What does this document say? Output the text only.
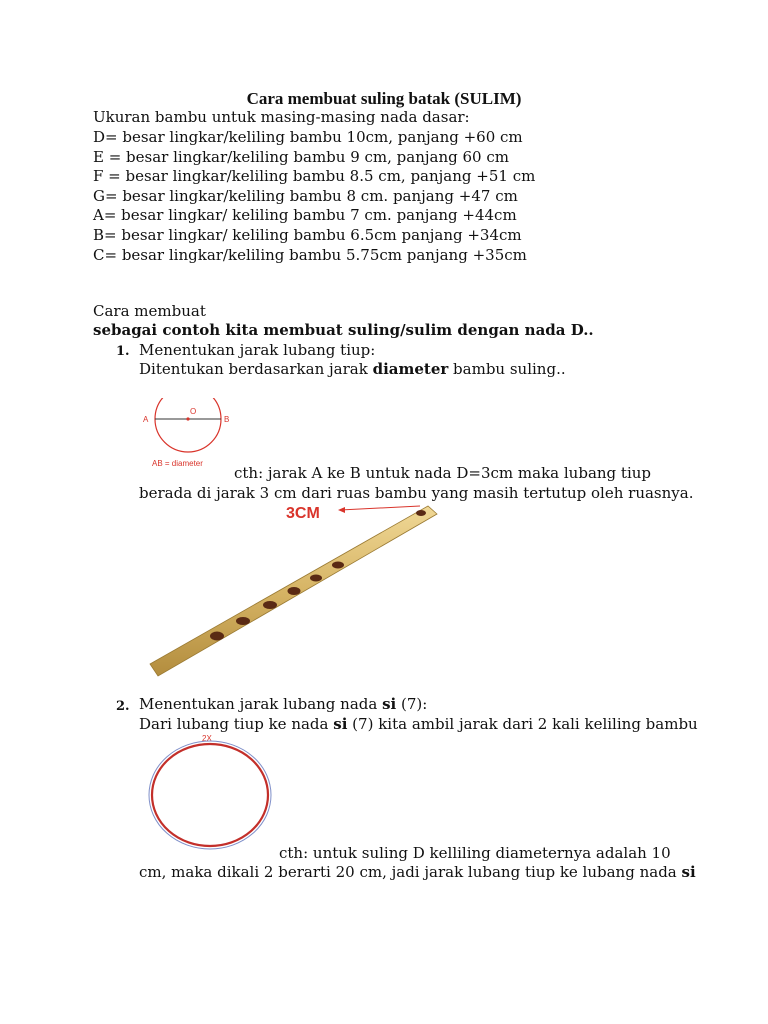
Cara membuat suling batak (SULIM)
Ukuran bambu untuk masing-masing nada dasar:
D= besar lingkar/keliling bambu 10cm, panjang +60 cm
E = besar lingkar/keliling bambu 9 cm, panjang 60 cm
F = besar lingkar/keliling bambu 8.5 cm, panjang +51 cm
G= besar lingkar/keliling bambu 8 cm. panjang +47 cm
A= besar lingkar/ keliling bambu 7 cm. panjang +44cm
B= besar lingkar/ keliling bambu 6.5cm panjang +34cm
C= besar lingkar/keliling bambu 5.75cm panjang +35cm
Cara membuat
sebagai contoh kita membuat suling/sulim dengan nada D..
1. Menentukan jarak lubang tiup:
Ditentukan berdasarkan jarak diameter bambu suling..
A
O
B
AB = diameter
cth: jarak A ke B untuk nada D=3cm maka lubang tiup
berada di jarak 3 cm dari ruas bambu yang masih tertutup oleh ruasnya.
3CM
2. Menentukan jarak lubang nada si (7):
Dari lubang tiup ke nada si (7) kita ambil jarak dari 2 kali keliling bambu
2X
cth: untuk suling D kelliling diameternya adalah 10
cm, maka dikali 2 berarti 20 cm, jadi jarak lubang tiup ke lubang nada si
